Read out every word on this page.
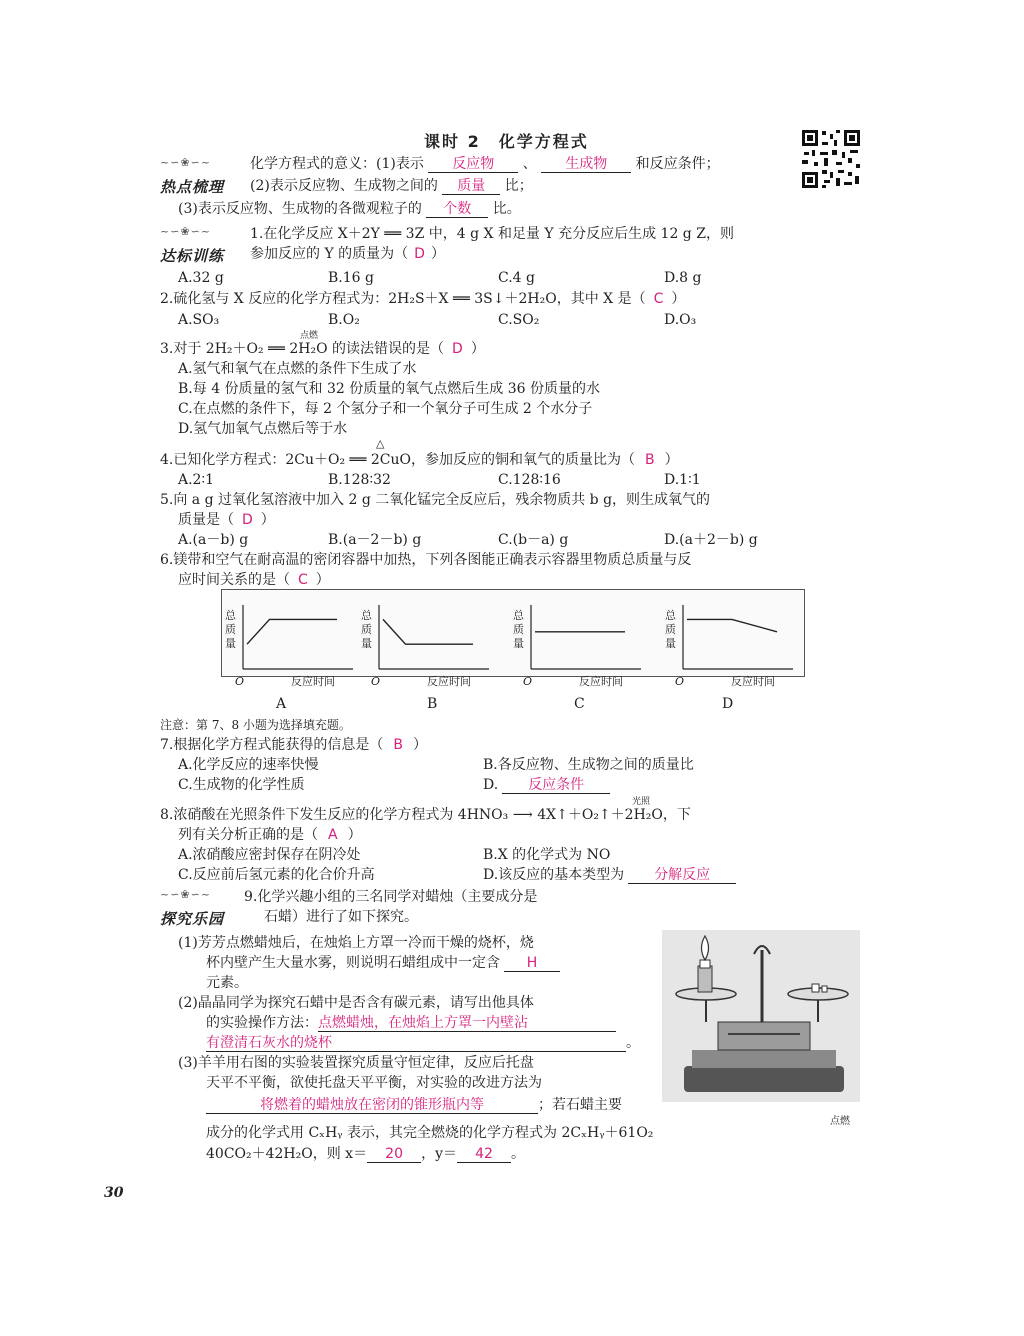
课时 2　化学方程式
~∽❀∽~
热点梳理
化学方程式的意义：(1)表示 反应物 、 生成物 和反应条件；
(2)表示反应物、生成物之间的 质量 比；
(3)表示反应物、生成物的各微观粒子的 个数 比。
~∽❀∽~
达标训练
1.在化学反应 X＋2Y ══ 3Z 中，4 g X 和足量 Y 充分反应后生成 12 g Z，则
参加反应的 Y 的质量为（ D ）
A.32 g	B.16 g	C.4 g	D.8 g
2.硫化氢与 X 反应的化学方程式为：2H₂S＋X ══ 3S↓＋2H₂O，其中 X 是（ C ）
A.SO₃	B.O₂	C.SO₂	D.O₃
点燃
3.对于 2H₂＋O₂ ══ 2H₂O 的读法错误的是（ D ）
A.氢气和氧气在点燃的条件下生成了水
B.每 4 份质量的氢气和 32 份质量的氧气点燃后生成 36 份质量的水
C.在点燃的条件下，每 2 个氢分子和一个氧分子可生成 2 个水分子
D.氢气加氧气点燃后等于水
△
4.已知化学方程式：2Cu＋O₂ ══ 2CuO，参加反应的铜和氧气的质量比为（ B ）
A.2∶1	B.128∶32	C.128∶16	D.1∶1
5.向 a g 过氧化氢溶液中加入 2 g 二氧化锰完全反应后，残余物质共 b g，则生成氧气的
质量是（ D ）
A.(a－b) g	B.(a－2－b) g	C.(b－a) g	D.(a＋2－b) g
6.镁带和空气在耐高温的密闭容器中加热，下列各图能正确表示容器里物质总质量与反
应时间关系的是（ C ）
总
质
量
O	反应时间
总
质
量
O	反应时间
总
质
量
O	反应时间
总
质
量
O	反应时间
A	B	C	D
注意：第 7、8 小题为选择填充题。
7.根据化学方程式能获得的信息是（ B ）
A.化学反应的速率快慢	B.各反应物、生成物之间的质量比
C.生成物的化学性质	D. 反应条件
光照
8.浓硝酸在光照条件下发生反应的化学方程式为 4HNO₃ ⟶ 4X↑＋O₂↑＋2H₂O，下
列有关分析正确的是（ A ）
A.浓硝酸应密封保存在阴冷处	B.X 的化学式为 NO
C.反应前后氢元素的化合价升高	D.该反应的基本类型为 分解反应
~∽❀∽~
探究乐园
9.化学兴趣小组的三名同学对蜡烛（主要成分是
石蜡）进行了如下探究。
(1)芳芳点燃蜡烛后，在烛焰上方罩一冷而干燥的烧杯，烧
杯内壁产生大量水雾，则说明石蜡组成中一定含 H
元素。
(2)晶晶同学为探究石蜡中是否含有碳元素，请写出他具体
的实验操作方法：点燃蜡烛，在烛焰上方罩一内壁沾
有澄清石灰水的烧杯	。
(3)羊羊用右图的实验装置探究质量守恒定律，反应后托盘
天平不平衡，欲使托盘天平平衡，对实验的改进方法为
将燃着的蜡烛放在密闭的锥形瓶内等	；若石蜡主要
点燃
成分的化学式用 CₓHᵧ 表示，其完全燃烧的化学方程式为 2CₓHᵧ＋61O₂
40CO₂＋42H₂O，则 x＝ 20 ，y＝ 42 。
30
